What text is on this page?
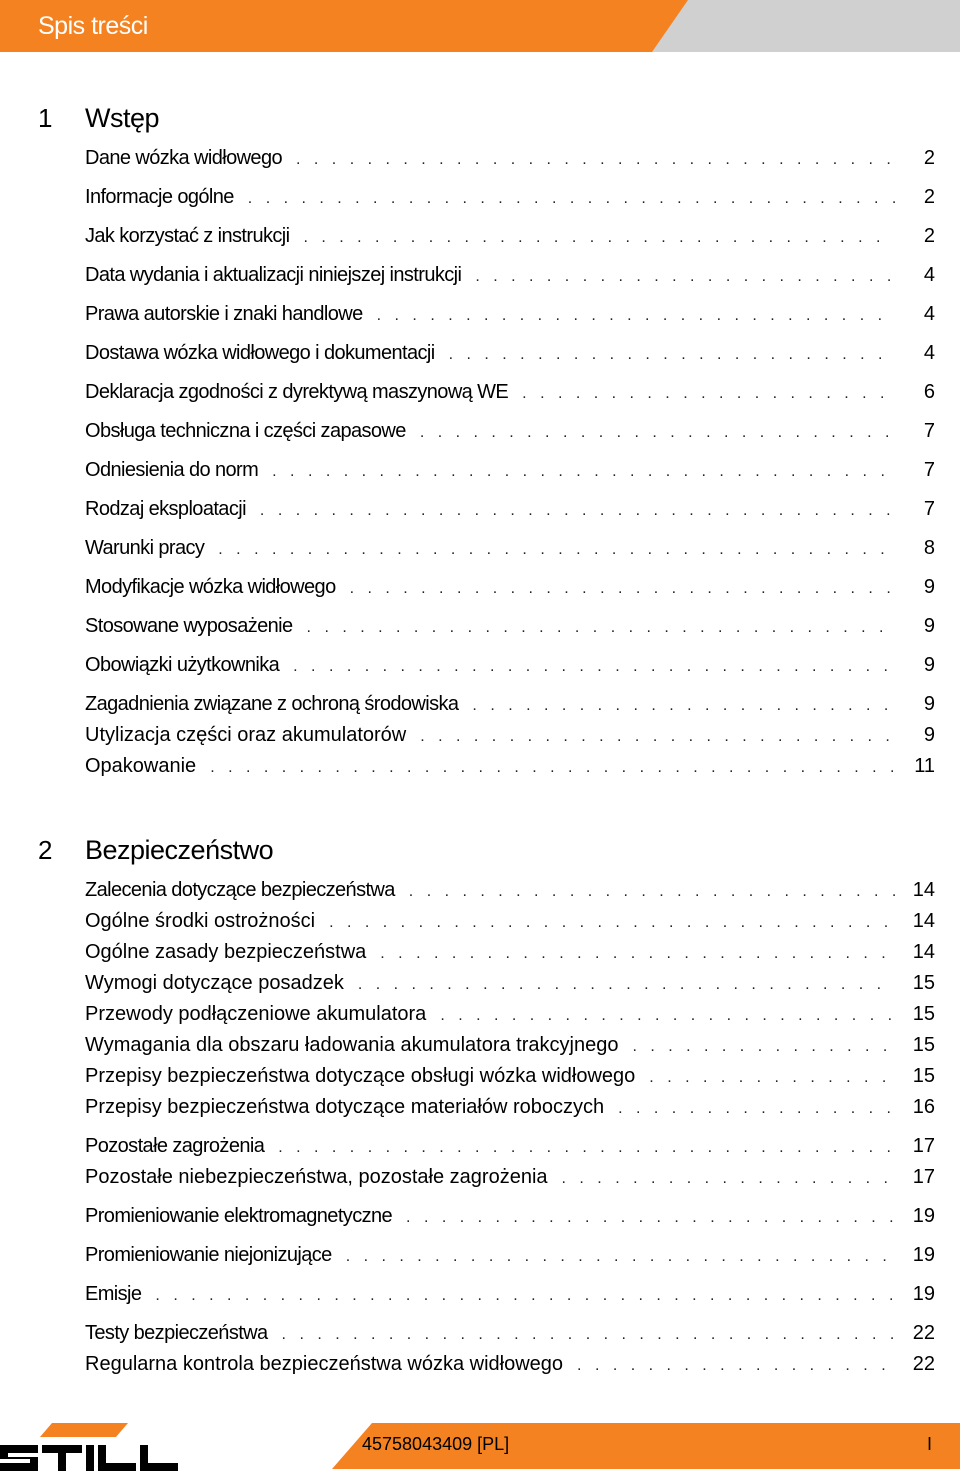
Spis treści
1 Wstęp
Dane wózka widłowego . . .	2
Informacje ogólne . . .	2
Jak korzystać z instrukcji . . .	2
Data wydania i aktualizacji niniejszej instrukcji . . .	4
Prawa autorskie i znaki handlowe . . .	4
Dostawa wózka widłowego i dokumentacji . . .	4
Deklaracja zgodności z dyrektywą maszynową WE . . .	6
Obsługa techniczna i części zapasowe . . .	7
Odniesienia do norm . . .	7
Rodzaj eksploatacji . . .	7
Warunki pracy . . .	8
Modyfikacje wózka widłowego . . .	9
Stosowane wyposażenie . . .	9
Obowiązki użytkownika . . .	9
Zagadnienia związane z ochroną środowiska . . .	9
Utylizacja części oraz akumulatorów . . .	9
Opakowanie . . .	11
2 Bezpieczeństwo
Zalecenia dotyczące bezpieczeństwa . . .	14
Ogólne środki ostrożności . . .	14
Ogólne zasady bezpieczeństwa . . .	14
Wymogi dotyczące posadzek . . .	15
Przewody podłączeniowe akumulatora . . .	15
Wymagania dla obszaru ładowania akumulatora trakcyjnego . . .	15
Przepisy bezpieczeństwa dotyczące obsługi wózka widłowego . . .	15
Przepisy bezpieczeństwa dotyczące materiałów roboczych . . .	16
Pozostałe zagrożenia . . .	17
Pozostałe niebezpieczeństwa, pozostałe zagrożenia . . .	17
Promieniowanie elektromagnetyczne . . .	19
Promieniowanie niejonizujące . . .	19
Emisje . . .	19
Testy bezpieczeństwa . . .	22
Regularna kontrola bezpieczeństwa wózka widłowego . . .	22
45758043409 [PL]	I
